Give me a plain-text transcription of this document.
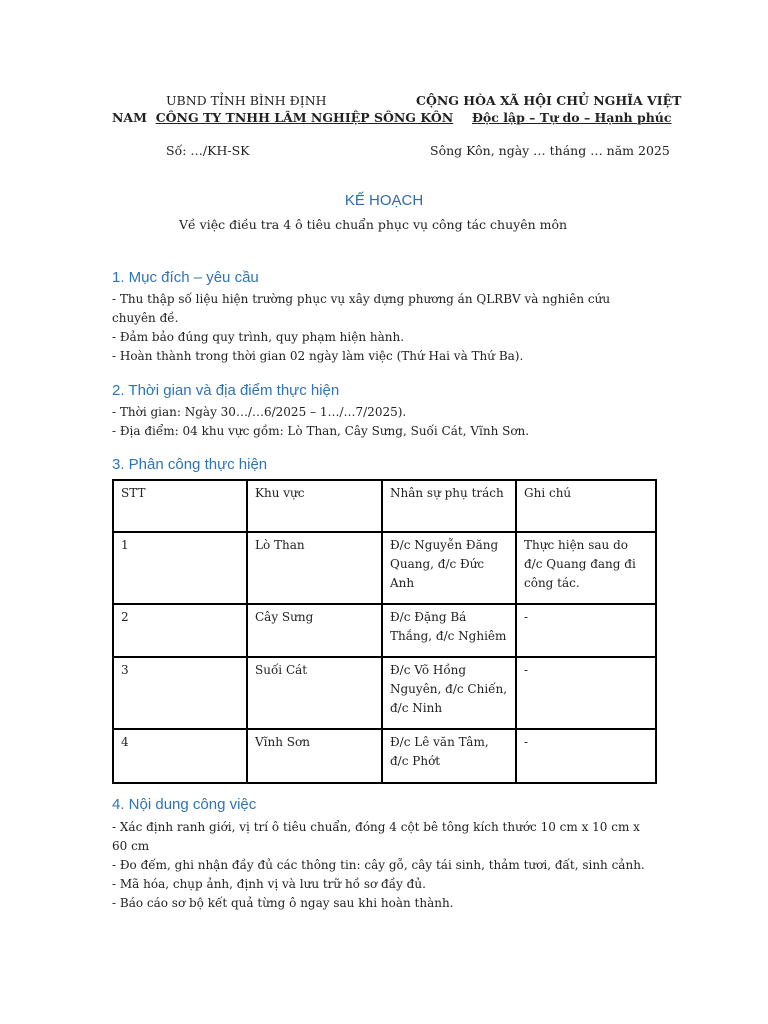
UBND TỈNH BÌNH ĐỊNH	CỘNG HÒA XÃ HỘI CHỦ NGHĨA VIỆT
NAM CÔNG TY TNHH LÂM NGHIỆP SÔNG KÔN Độc lập – Tự do – Hạnh phúc
Số: …/KH-SK	Sông Kôn, ngày … tháng … năm 2025
KẾ HOẠCH
Về việc điều tra 4 ô tiêu chuẩn phục vụ công tác chuyên môn
1. Mục đích – yêu cầu

- Thu thập số liệu hiện trường phục vụ xây dựng phương án QLRBV và nghiên cứu chuyên đề.

- Đảm bảo đúng quy trình, quy phạm hiện hành.

- Hoàn thành trong thời gian 02 ngày làm việc (Thứ Hai và Thứ Ba).

2. Thời gian và địa điểm thực hiện

- Thời gian: Ngày 30…/…6/2025 – 1…/…7/2025).

- Địa điểm: 04 khu vực gồm: Lò Than, Cây Sưng, Suối Cát, Vĩnh Sơn.

3. Phân công thực hiện
STT	Khu vực	Nhân sự phụ trách	Ghi chú
1	Lò Than	Đ/c Nguyễn Đăng Quang, đ/c Đức Anh	Thực hiện sau do đ/c Quang đang đi công tác.
2	Cây Sưng	Đ/c Đặng Bá Thắng, đ/c Nghiêm	-
3	Suối Cát	Đ/c Võ Hồng Nguyên, đ/c Chiến, đ/c Ninh	-
4	Vĩnh Sơn	Đ/c Lê văn Tâm, đ/c Phớt	-
4. Nội dung công việc

- Xác định ranh giới, vị trí ô tiêu chuẩn, đóng 4 cột bê tông kích thước 10 cm x 10 cm x 60 cm

- Đo đếm, ghi nhận đầy đủ các thông tin: cây gỗ, cây tái sinh, thảm tươi, đất, sinh cảnh.

- Mã hóa, chụp ảnh, định vị và lưu trữ hồ sơ đầy đủ.

- Báo cáo sơ bộ kết quả từng ô ngay sau khi hoàn thành.
